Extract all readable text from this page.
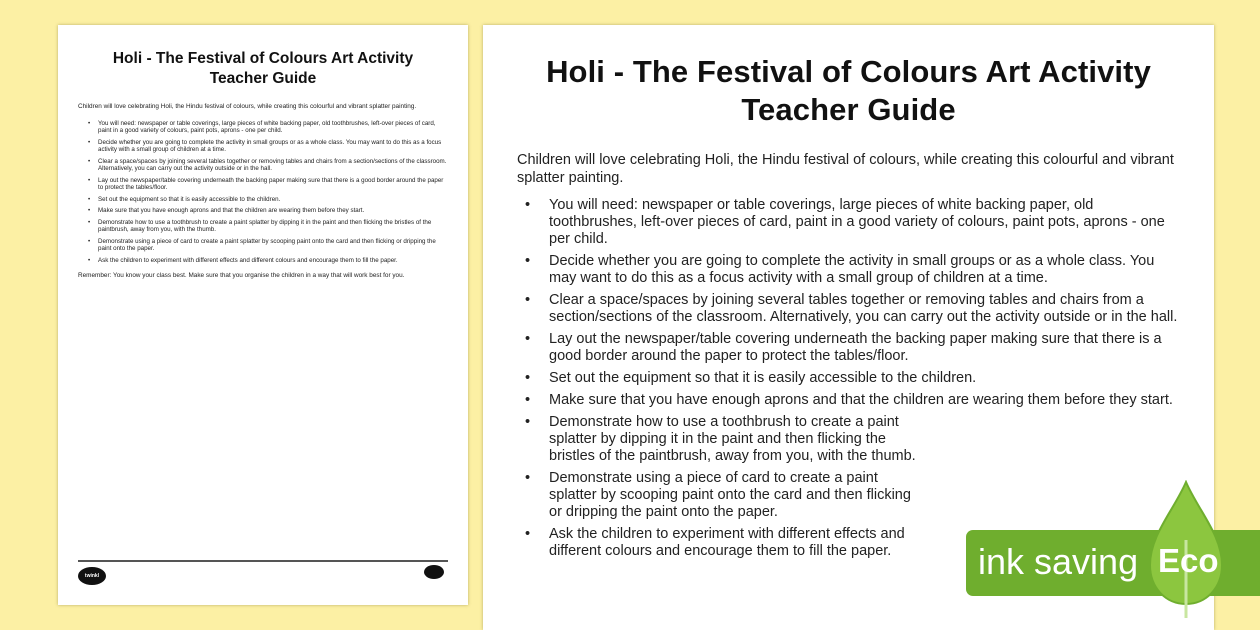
Holi - The Festival of Colours Art Activity
Teacher Guide

Children will love celebrating Holi, the Hindu festival of colours, while creating this colourful and vibrant splatter painting.

• You will need: newspaper or table coverings, large pieces of white backing paper, old toothbrushes, left-over pieces of card, paint in a good variety of colours, paint pots, aprons - one per child.
• Decide whether you are going to complete the activity in small groups or as a whole class. You may want to do this as a focus activity with a small group of children at a time.
• Clear a space/spaces by joining several tables together or removing tables and chairs from a section/sections of the classroom. Alternatively, you can carry out the activity outside or in the hall.
• Lay out the newspaper/table covering underneath the backing paper making sure that there is a good border around the paper to protect the tables/floor.
• Set out the equipment so that it is easily accessible to the children.
• Make sure that you have enough aprons and that the children are wearing them before they start.
• Demonstrate how to use a toothbrush to create a paint splatter by dipping it in the paint and then flicking the bristles of the paintbrush, away from you, with the thumb.
• Demonstrate using a piece of card to create a paint splatter by scooping paint onto the card and then flicking or dripping the paint onto the paper.
• Ask the children to experiment with different effects and different colours and encourage them to fill the paper.

Remember: You know your class best. Make sure that you organise the children in a way that will work best for you.

twinkl
Holi - The Festival of Colours Art Activity
Teacher Guide

Children will love celebrating Holi, the Hindu festival of colours, while creating this colourful and vibrant splatter painting.

• You will need: newspaper or table coverings, large pieces of white backing paper, old toothbrushes, left-over pieces of card, paint in a good variety of colours, paint pots, aprons - one per child.
• Decide whether you are going to complete the activity in small groups or as a whole class. You may want to do this as a focus activity with a small group of children at a time.
• Clear a space/spaces by joining several tables together or removing tables and chairs from a section/sections of the classroom. Alternatively, you can carry out the activity outside or in the hall.
• Lay out the newspaper/table covering underneath the backing paper making sure that there is a good border around the paper to protect the tables/floor.
• Set out the equipment so that it is easily accessible to the children.
• Make sure that you have enough aprons and that the children are wearing them before they start.
• Demonstrate how to use a toothbrush to create a paint splatter by dipping it in the paint and then flicking the bristles of the paintbrush, away from you, with the thumb.
• Demonstrate using a piece of card to create a paint splatter by scooping paint onto the card and then flicking or dripping the paint onto the paper.
• Ask the children to experiment with different effects and different colours and encourage them to fill the paper.	ink saving Eco
